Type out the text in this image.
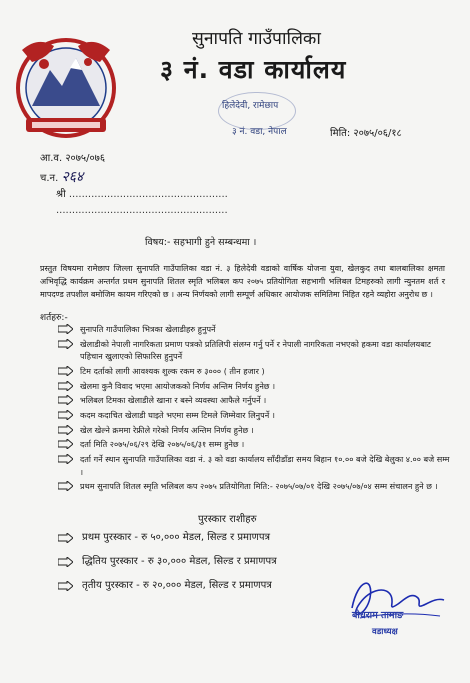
सुनापति गाउँपालिका
३ नं. वडा कार्यालय
हिलेदेवी, रामेछाप
३ नं. वडा, नेपाल	मिति: २०७५/०६/१८
आ.व. २०७५/०७६
च.न. २६४
श्री ..................................................
......................................................
विषय:- सहभागी हुने सम्बन्धमा ।
प्रस्तुत विषयमा रामेछाप जिल्ला सुनापति गाउँपालिका वडा नं. ३ हिलेदेवी वडाको वार्षिक योजना युवा, खेलकुद तथा बालबालिका क्षमता अभिवृद्धि कार्यक्रम अन्तर्गत प्रथम सुनापति शितल स्मृति भलिबल कप २०७५ प्रतियोगिता सहभागी भलिबल टिमहरुको लागी न्युनतम शर्त र मापदण्ड तपशील बमोजिम कायम गरिएको छ । अन्य निर्णयको लागी सम्पूर्ण अधिकार आयोजक समितिमा निहित रहने व्यहोरा अनुरोध छ ।
शर्तहरु:-
सुनापति गाउँपालिका भित्रका खेलाडीहरु हुनुपर्ने
खेलाडीको नेपाली नागरिकता प्रमाण पत्रको प्रतिलिपी संलग्न गर्नु पर्ने र नेपाली नागरिकता नभएको हकमा वडा कार्यालयबाट पहिचान खुलाएको सिफारिस हुनुपर्ने
टिम दर्ताको लागी आवश्यक शुल्क रकम रु ३००० ( तीन हजार )
खेलमा कुनै विवाद भएमा आयोजकको निर्णय अन्तिम निर्णय हुनेछ ।
भलिबल टिमका खेलाडीले खाना र बस्ने व्यवस्था आफैले गर्नुपर्ने ।
कदम कदाचित खेलाडी घाइते भएमा सम्म टिमले जिम्मेवार लिनुपर्ने ।
खेल खेल्ने क्रममा रेफ्रीले गरेको निर्णय अन्तिम निर्णय हुनेछ ।
दर्ता मिति २०७५/०६/२९ देखि २०७५/०६/३१ सम्म हुनेछ ।
दर्ता गर्ने स्थान सुनापति गाउँपालिका वडा नं. ३ को वडा कार्यालय साँदीडाँडा समय बिहान १०.०० बजे देखि बेलुका ४.०० बजे सम्म ।
प्रथम सुनापति शितल स्मृति भलिबल कप २०७५ प्रतियोगिता मिति:- २०७५/०७/०१ देखि २०७५/०७/०४ सम्म संचालन हुने छ ।
पुरस्कार राशीहरु
प्रथम पुरस्कार - रु ५०,००० मेडल, सिल्ड र प्रमाणपत्र
द्धितिय पुरस्कार - रु ३०,००० मेडल, सिल्ड र प्रमाणपत्र
तृतीय पुरस्कार - रु २०,००० मेडल, सिल्ड र प्रमाणपत्र
बोधराम तामाङ
वडाध्यक्ष
